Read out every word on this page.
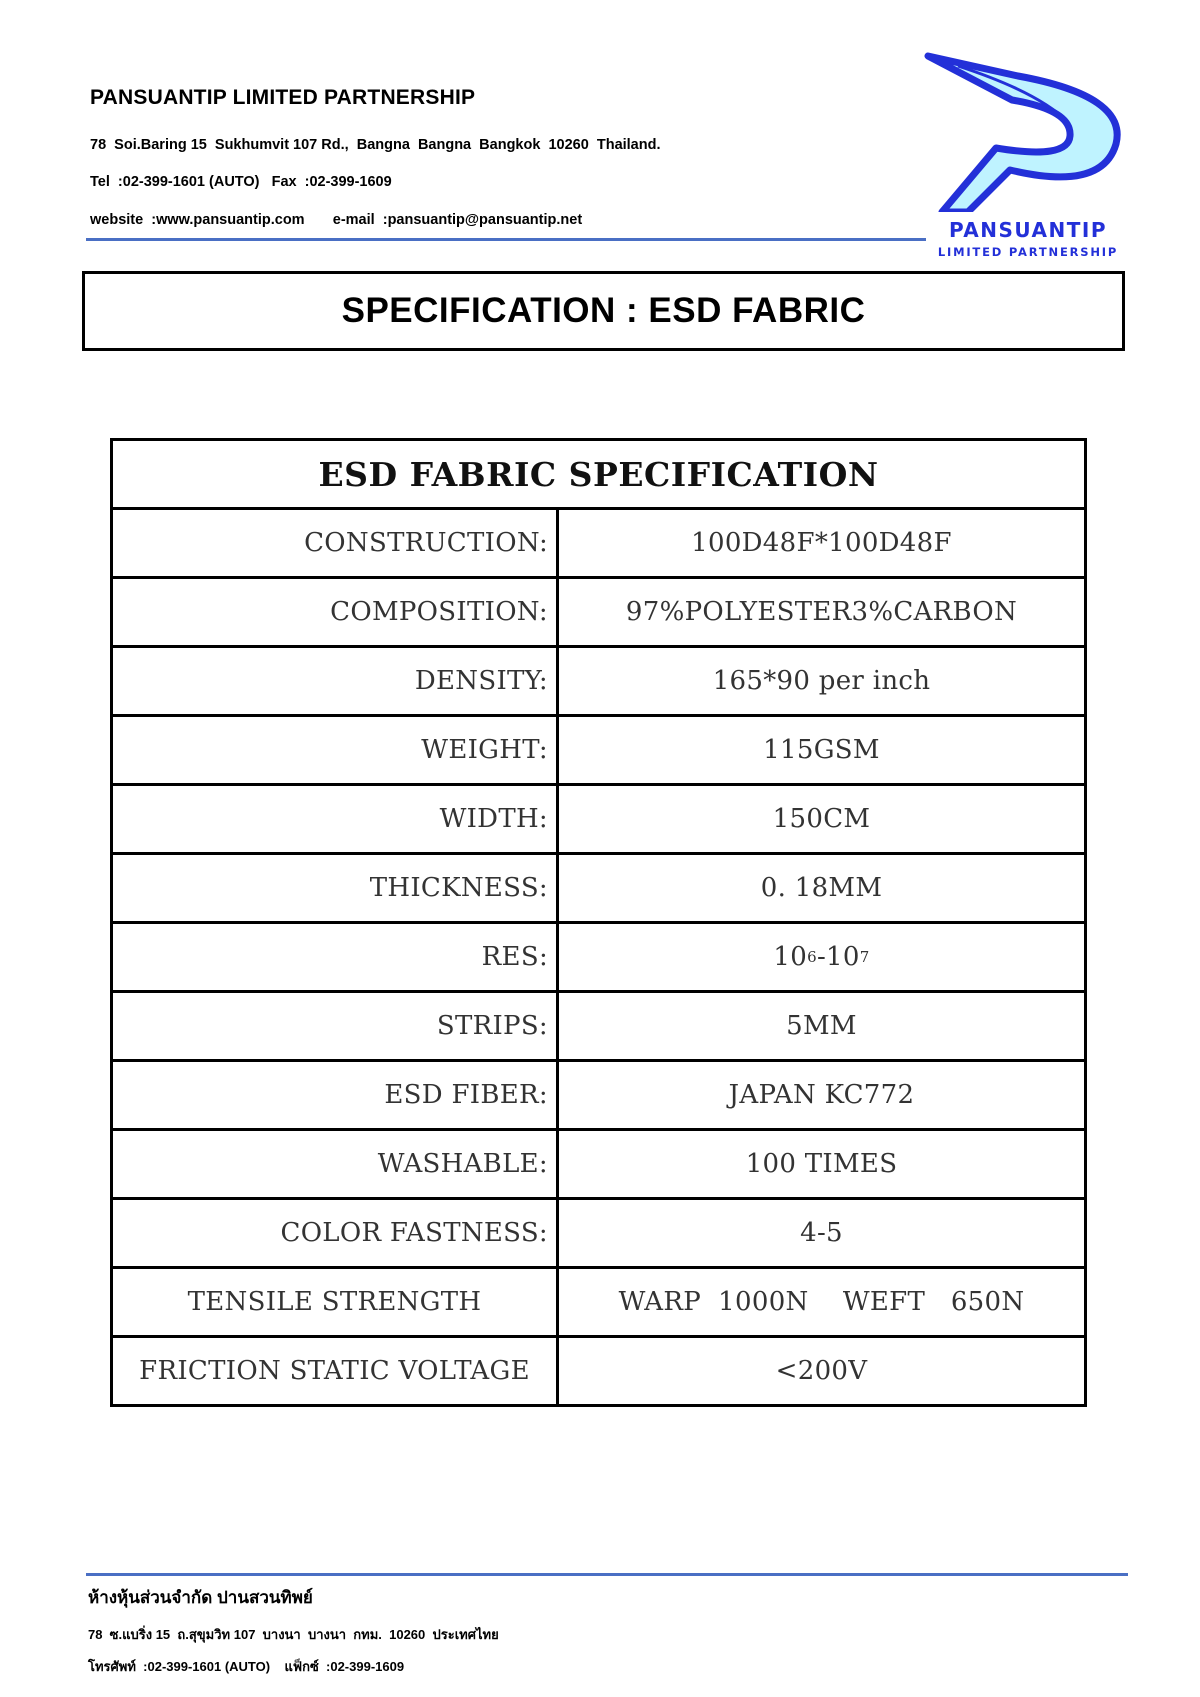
PANSUANTIP LIMITED PARTNERSHIP
78  Soi.Baring 15  Sukhumvit 107 Rd.,  Bangna  Bangna  Bangkok  10260  Thailand.
Tel  :02-399-1601 (AUTO)   Fax  :02-399-1609
website  :www.pansuantip.com       e-mail  :pansuantip@pansuantip.net	PANSUANTIP
LIMITED PARTNERSHIP
SPECIFICATION : ESD FABRIC
ESD FABRIC SPECIFICATION
CONSTRUCTION:	100D48F*100D48F
COMPOSITION:	97%POLYESTER3%CARBON
DENSITY:	165*90 per inch
WEIGHT:	115GSM
WIDTH:	150CM
THICKNESS:	0. 18MM
RES:	10 6 - 10 7
STRIPS:	5MM
ESD FIBER:	JAPAN KC772
WASHABLE:	100 TIMES
COLOR FASTNESS:	4-5
TENSILE STRENGTH	WARP  1000N    WEFT   650N
FRICTION STATIC VOLTAGE	<200V
ห้างหุ้นส่วนจำกัด ปานสวนทิพย์
78  ซ.แบริ่ง 15  ถ.สุขุมวิท 107  บางนา  บางนา  กทม.  10260  ประเทศไทย
โทรศัพท์  :02-399-1601 (AUTO)    แฟ็กซ์  :02-399-1609
